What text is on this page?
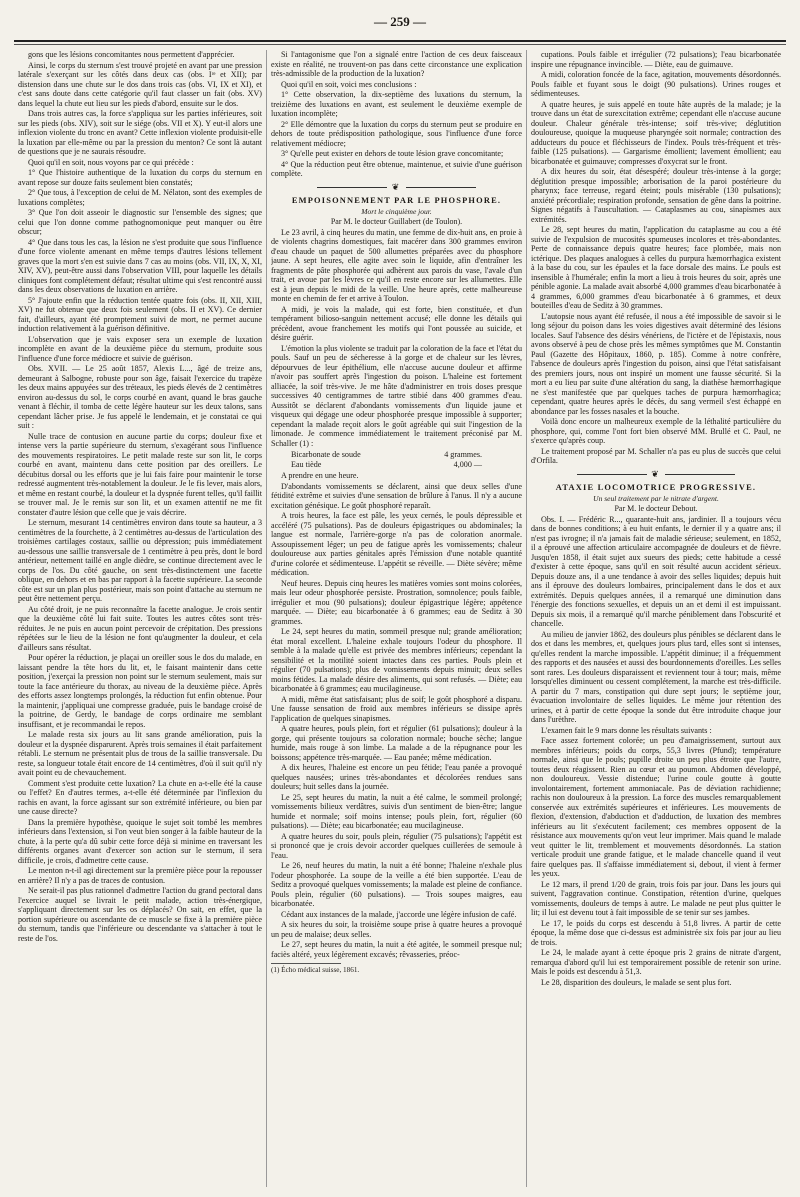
— 259 —

gons que les lésions concomitantes nous permettent d'apprécier.

Ainsi, le corps du sternum s'est trouvé projeté en avant par une pression latérale s'exerçant sur les côtés dans deux cas (obs. Iʳᵉ et XII); par distension dans une chute sur le dos dans trois cas (obs. VI, IX et XI), et c'est sans doute dans cette catégorie qu'il faut classer un fait (obs. XV) dans lequel la chute eut lieu sur les pieds d'abord, ensuite sur le dos.

Dans trois autres cas, la force s'appliqua sur les parties inférieures, soit sur les pieds (obs. XIV), soit sur le siége (obs. VII et X). Y eut-il alors une inflexion violente du tronc en avant? Cette inflexion violente produisit-elle la luxation par elle-même ou par la pression du menton? Ce sont là autant de questions que je ne saurais résoudre.

Quoi qu'il en soit, nous voyons par ce qui précède :

1° Que l'histoire authentique de la luxation du corps du sternum en avant repose sur douze faits seulement bien constatés;

2° Que tous, à l'exception de celui de M. Nélaton, sont des exemples de luxations complètes;

3° Que l'on doit asseoir le diagnostic sur l'ensemble des signes; que celui que l'on donne comme pathognomonique peut manquer ou être obscur;

4° Que dans tous les cas, la lésion ne s'est produite que sous l'influence d'une force violente amenant en même temps d'autres lésions tellement graves que la mort s'en est suivie dans 7 cas au moins (obs. VII, IX, X, XI, XIV, XV), peut-être aussi dans l'observation VIII, pour laquelle les détails cliniques font complétement défaut; résultat ultime qui s'est rencontré aussi dans les deux observations de luxation en arrière.

5° J'ajoute enfin que la réduction tentée quatre fois (obs. II, XII, XIII, XV) ne fut obtenue que deux fois seulement (obs. II et XV). Ce dernier fait, d'ailleurs, ayant été promptement suivi de mort, ne permet aucune induction relativement à la guérison définitive.

L'observation que je vais exposer sera un exemple de luxation incomplète en avant de la deuxième pièce du sternum, produite sous l'influence d'une force médiocre et suivie de guérison.

Obs. XVII. — Le 25 août 1857, Alexis L..., âgé de treize ans, demeurant à Salbogne, robuste pour son âge, faisait l'exercice du trapèze les deux mains appuyées sur des tréteaux, les pieds élevés de 2 centimètres environ au-dessus du sol, le corps courbé en avant, quand le bras gauche venant à fléchir, il tomba de cette légère hauteur sur les deux talons, sans cependant lâcher prise. Je fus appelé le lendemain, et je constatai ce qui suit :

Nulle trace de contusion en aucune partie du corps; douleur fixe et intense vers la partie supérieure du sternum, s'exagérant sous l'influence des mouvements respiratoires. Le petit malade reste sur son lit, le corps courbé en avant, maintenu dans cette position par des oreillers. Le décubitus dorsal ou les efforts que je lui fais faire pour maintenir le torse redressé augmentent très-notablement la douleur. Je le fis lever, mais alors, et même en restant courbé, la douleur et la dyspnée furent telles, qu'il faillit se trouver mal. Je le remis sur son lit, et un examen attentif ne me fit constater d'autre lésion que celle que je vais décrire.

Le sternum, mesurant 14 centimètres environ dans toute sa hauteur, a 3 centimètres de la fourchette, à 2 centimètres au-dessus de l'articulation des troisièmes cartilages costaux, saillie ou dépression; puis immédiatement au-dessous une saillie transversale de 1 centimètre à peu près, dont le bord antérieur, nettement taillé en angle dièdre, se continue directement avec le corps de l'os. Du côté gauche, on sent très-distinctement une facette oblique, en dehors et en bas par rapport à la facette supérieure. La seconde côte est sur un plan plus postérieur, mais son point d'attache au sternum ne peut être nettement perçu.

Au côté droit, je ne puis reconnaître la facette analogue. Je crois sentir que la deuxième côté lui fait suite. Toutes les autres côtes sont très-réduites. Je ne puis en aucun point percevoir de crépitation. Des pressions répétées sur le lieu de la lésion ne font qu'augmenter la douleur, et cela d'ailleurs sans résultat.

Pour opérer la réduction, je plaçai un oreiller sous le dos du malade, en laissant pendre la tête hors du lit, et, le faisant maintenir dans cette position, j'exerçai la pression non point sur le sternum seulement, mais sur toute la face antérieure du thorax, au niveau de la deuxième pièce. Après des efforts assez longtemps prolongés, la réduction fut enfin obtenue. Pour la maintenir, j'appliquai une compresse graduée, puis le bandage croisé de la poitrine, de Gerdy, le bandage de corps ordinaire me semblant insuffisant, et je recommandai le repos.

Le malade resta six jours au lit sans grande amélioration, puis la douleur et la dyspnée disparurent. Après trois semaines il était parfaitement rétabli. Le sternum ne présentait plus de trous de la saillie transversale. Du reste, sa longueur totale était encore de 14 centimètres, d'où il suit qu'il n'y avait point eu de chevauchement.

Comment s'est produite cette luxation? La chute en a-t-elle été la cause ou l'effet? En d'autres termes, a-t-elle été déterminée par l'inflexion du rachis en avant, la force agissant sur son extrémité inférieure, ou bien par une cause directe?

Dans la première hypothèse, quoique le sujet soit tombé les membres inférieurs dans l'extension, si l'on veut bien songer à la faible hauteur de la chute, à la perte qu'a dû subir cette force déjà si minime en traversant les différents organes avant d'exercer son action sur le sternum, il sera difficile, je crois, d'admettre cette cause.

Le menton n-t-il agi directement sur la première pièce pour la repousser en arrière? Il n'y a pas de traces de contusion.

Ne serait-il pas plus rationnel d'admettre l'action du grand pectoral dans l'exercice auquel se livrait le petit malade, action très-énergique, s'appliquant directement sur les os déplacés? On sait, en effet, que la portion supérieure ou ascendante de ce muscle se fixe à la première pièce du sternum, tandis que l'inférieure ou descendante va s'attacher à tout le reste de l'os.

Si l'antagonisme que l'on a signalé entre l'action de ces deux faisceaux existe en réalité, ne trouvent-on pas dans cette circonstance une explication très-admissible de la production de la luxation?

Quoi qu'il en soit, voici mes conclusions :

1° Cette observation, la dix-septième des luxations du sternum, la treizième des luxations en avant, est seulement le deuxième exemple de luxation incomplète;

2° Elle démontre que la luxation du corps du sternum peut se produire en dehors de toute prédisposition pathologique, sous l'influence d'une force relativement médiocre;

3° Qu'elle peut exister en dehors de toute lésion grave concomitante;

4° Que la réduction peut être obtenue, maintenue, et suivie d'une guérison complète.

❦

EMPOISONNEMENT PAR LE PHOSPHORE.

Mort le cinquième jour.

Par M. le docteur Guillabert (de Toulon).

Le 23 avril, à cinq heures du matin, une femme de dix-huit ans, en proie à de violents chagrins domestiques, fait macérer dans 300 grammes environ d'eau chaude un paquet de 500 allumettes préparées avec du phosphore jaune. A sept heures, elle agite avec soin le liquide, afin d'entraîner les fragments de pâte phosphorée qui adhèrent aux parois du vase, l'avale d'un trait, et avoue par les lèvres ce qu'il en reste encore sur les allumettes. Elle est à jeun depuis le midi de la veille. Une heure après, cette malheureuse monte en chemin de fer et arrive à Toulon.

A midi, je vois la malade, qui est forte, bien constituée, et d'un tempérament bilioso-sanguin nettement accusé; elle donne les détails qui précèdent, avoue franchement les motifs qui l'ont poussée au suicide, et désire guérir.

L'émotion la plus violente se traduit par la coloration de la face et l'état du pouls. Sauf un peu de sécheresse à la gorge et de chaleur sur les lèvres, dépourvues de leur épithélium, elle n'accuse aucune douleur et affirme n'avoir pas souffert après l'ingestion du poison. L'haleine est fortement alliacée, la soif très-vive. Je me hâte d'administrer en trois doses presque successives 40 centigrammes de tartre stibié dans 400 grammes d'eau. Aussitôt se déclarent d'abondants vomissements d'un liquide jaune et visqueux qui dégage une odeur phosphorée presque impossible à supporter; cependant la malade reçoit alors le goût agréable qui suit l'ingestion de la limonade. Je commence immédiatement le traitement préconisé par M. Schaller (1) :

Bicarbonate de soude	4 grammes.
Eau tiède	4,000 —

A prendre en une heure.

D'abondants vomissements se déclarent, ainsi que deux selles d'une fétidité extrême et suivies d'une sensation de brûlure à l'anus. Il n'y a aucune excitation génésique. Le goût phosphoré reparaît.

A trois heures, la face est pâle, les yeux cernés, le pouls dépressible et accéléré (75 pulsations). Pas de douleurs épigastriques ou abdominales; la langue est normale, l'arrière-gorge n'a pas de coloration anormale. Assoupissement léger; un peu de fatigue après les vomissements; chaleur douloureuse aux parties génitales après l'émission d'une notable quantité d'urine colorée et sédimenteuse. L'appétit se réveille. — Diète sévère; même médication.

Neuf heures. Depuis cinq heures les matières vomies sont moins colorées, mais leur odeur phosphorée persiste. Prostration, somnolence; pouls faible, irrégulier et mou (90 pulsations); douleur épigastrique légère; appétence marquée. — Diète; eau bicarbonatée à 6 grammes; eau de Seditz à 30 grammes.

Le 24, sept heures du matin, sommeil presque nul; grande amélioration; état moral excellent. L'haleine exhale toujours l'odeur du phosphore. Il semble à la malade qu'elle est privée des membres inférieurs; cependant la sensibilité et la motilité soient intactes dans ces parties. Pouls plein et régulier (70 pulsations); plus de vomissements depuis minuit; deux selles moins fétides. La malade désire des aliments, qui sont refusés. — Diète; eau bicarbonatée à 6 grammes; eau mucilagineuse.

A midi, même état satisfaisant; plus de soif; le goût phosphoré a disparu. Une fausse sensation de froid aux membres inférieurs se dissipe après l'application de quelques sinapismes.

A quatre heures, pouls plein, fort et régulier (61 pulsations); douleur à la gorge, qui présente toujours sa coloration normale; bouche sèche; langue humide, mais rouge à son limbe. La malade a de la répugnance pour les boissons; appétence très-marquée. — Eau panée; même médication.

A dix heures, l'haleine est encore un peu fétide; l'eau panée a provoqué quelques nausées; urines très-abondantes et décolorées rendues sans douleurs; huit selles dans la journée.

Le 25, sept heures du matin, la nuit a été calme, le sommeil prolongé; vomissements bilieux verdâtres, suivis d'un sentiment de bien-être; langue humide et normale; soif moins intense; pouls plein, fort, régulier (60 pulsations). — Diète; eau bicarbonatée; eau mucilagineuse.

A quatre heures du soir, pouls plein, régulier (75 pulsations); l'appétit est si prononcé que je crois devoir accorder quelques cuillerées de semoule à l'eau.

Le 26, neuf heures du matin, la nuit a été bonne; l'haleine n'exhale plus l'odeur phosphorée. La soupe de la veille a été bien supportée. L'eau de Seditz a provoqué quelques vomissements; la malade est pleine de confiance. Pouls plein, régulier (60 pulsations). — Trois soupes maigres, eau bicarbonatée.

Cédant aux instances de la malade, j'accorde une légère infusion de café.

A six heures du soir, la troisième soupe prise à quatre heures a provoqué un peu de malaise; deux selles.

Le 27, sept heures du matin, la nuit a été agitée, le sommeil presque nul; faciès altéré, yeux légèrement excavés; rêvasseries, préoc-

(1) Écho médical suisse, 1861.

cupations. Pouls faible et irrégulier (72 pulsations); l'eau bicarbonatée inspire une répugnance invincible. — Diète, eau de guimauve.

A midi, coloration foncée de la face, agitation, mouvements désordonnés. Pouls faible et fuyant sous le doigt (90 pulsations). Urines rouges et sédimenteuses.

A quatre heures, je suis appelé en toute hâte auprès de la malade; je la trouve dans un état de surexcitation extrême; cependant elle n'accuse aucune douleur. Chaleur générale très-intense; soif très-vive; déglutition douloureuse, quoique la muqueuse pharyngée soit normale; contraction des adducteurs du pouce et fléchisseurs de l'index. Pouls très-fréquent et très-faible (125 pulsations). — Gargarisme émollient; lavement émollient; eau bicarbonatée et guimauve; compresses d'oxycrat sur le front.

A dix heures du soir, état désespéré; douleur très-intense à la gorge; déglutition presque impossible; arborisation de la paroi postérieure du pharynx; face terreuse, regard éteint; pouls misérable (130 pulsations); anxiété précordiale; respiration profonde, sensation de gêne dans la poitrine. Signes négatifs à l'auscultation. — Cataplasmes au cou, sinapismes aux extrémités.

Le 28, sept heures du matin, l'application du cataplasme au cou a été suivie de l'expulsion de mucosités spumeuses incolores et très-abondantes. Perte de connaissance depuis quatre heures; face plombée, mais non ictérique. Des plaques analogues à celles du purpura hæmorrhagica existent à la base du cou, sur les épaules et la face dorsale des mains. Le pouls est insensible à l'humérale; enfin la mort a lieu à trois heures du soir, après une pénible agonie. La malade avait absorbé 4,000 grammes d'eau bicarbonatée à 4 grammes, 6,000 grammes d'eau bicarbonatée à 6 grammes, et deux bouteilles d'eau de Seditz à 30 grammes.

L'autopsie nous ayant été refusée, il nous a été impossible de savoir si le long séjour du poison dans les voies digestives avait déterminé des lésions locales. Sauf l'absence des désirs vénériens, de l'ictère et de l'épistaxis, nous avons observé à peu de chose près les mêmes symptômes que M. Constantin Paul (Gazette des Hôpitaux, 1860, p. 185). Comme à notre confrère, l'absence de douleurs après l'ingestion du poison, ainsi que l'état satisfaisant des premiers jours, nous ont inspiré un moment une fausse sécurité. Si la mort a eu lieu par suite d'une altération du sang, la diathèse hæmorrhagique ne s'est manifestée que par quelques taches de purpura hæmorrhagica; cependant, quatre heures après le décès, du sang vermeil s'est échappé en abondance par les fosses nasales et la bouche.

Voilà donc encore un malheureux exemple de la léthalité particulière du phosphore, qui, comme l'ont fort bien observé MM. Brullé et C. Paul, ne s'exerce qu'après coup.

Le traitement proposé par M. Schaller n'a pas eu plus de succès que celui d'Orfila.

❦

ATAXIE LOCOMOTRICE PROGRESSIVE.

Un seul traitement par le nitrate d'argent.

Par M. le docteur Debout.

Obs. I. — Frédéric R..., quarante-huit ans, jardinier. Il a toujours vécu dans de bonnes conditions; à eu huit enfants, le dernier il y a quatre ans; il n'est pas ivrogne; il n'a jamais fait de maladie sérieuse; seulement, en 1852, il a éprouvé une affection articulaire accompagnée de douleurs et de fièvre. Jusqu'en 1858, il était sujet aux sueurs des pieds; cette habitude a cessé d'exister à cette époque, sans qu'il en soit résulté aucun accident sérieux. Depuis douze ans, il a une tendance à avoir des selles liquides; depuis huit ans il éprouve des douleurs lombaires, principalement dans le dos et aux extrémités. Depuis quelques années, il a remarqué une diminution dans l'énergie des fonctions sexuelles, et depuis un an et demi il est impuissant. Depuis six mois, il a remarqué qu'il marche péniblement dans l'obscurité et chancelle.

Au milieu de janvier 1862, des douleurs plus pénibles se déclarent dans le dos et dans les membres, et, quelques jours plus tard, elles sont si intenses, qu'elles rendent la marche impossible. L'appétit diminue; il a fréquemment des rapports et des nausées et aussi des bourdonnements d'oreilles. Les selles sont rares. Les douleurs disparaissent et reviennent tour à tour; mais, même lorsqu'elles diminuent ou cessent complétement, la marche est très-difficile. A partir du 7 mars, constipation qui dure sept jours; le septième jour, évacuation involontaire de selles liquides. Le même jour rétention des urines, et à partir de cette époque la sonde dut être introduite chaque jour dans l'urèthre.

L'examen fait le 9 mars donne les résultats suivants :

Face assez fortement colorée; un peu d'amaigrissement, surtout aux membres inférieurs; poids du corps, 55,3 livres (Pfund); température normale, ainsi que le pouls; pupille droite un peu plus étroite que l'autre, toutes deux réagissent. Rien au cœur et au poumon. Abdomen développé, non douloureux. Vessie distendue; l'urine coule goutte à goutte involontairement, fortement ammoniacale. Pas de déviation rachidienne; rachis non douloureux à la pression. La force des muscles remarquablement conservée aux extrémités supérieures et inférieures. Les mouvements de flexion, d'extension, d'abduction et d'adduction, de luxation des membres inférieurs au lit s'exécutent facilement; ces membres opposent de la résistance aux mouvements qu'on veut leur imprimer. Mais quand le malade veut quitter le lit, tremblement et mouvements désordonnés. La station verticale produit une grande fatigue, et le malade chancelle quand il veut faire quelques pas. Il s'affaisse immédiatement si, debout, il vient à fermer les yeux.

Le 12 mars, il prend 1/20 de grain, trois fois par jour. Dans les jours qui suivent, l'aggravation continue. Constipation, rétention d'urine, quelques vomissements, douleurs de temps à autre. Le malade ne peut plus quitter le lit; il lui est devenu tout à fait impossible de se tenir sur ses jambes.

Le 17, le poids du corps est descendu à 51,8 livres. A partir de cette époque, la même dose que ci-dessus est administrée six fois par jour au lieu de trois.

Le 24, le malade ayant à cette époque pris 2 grains de nitrate d'argent, remarqua d'abord qu'il lui est temporairement possible de retenir son urine. Mais le poids est descendu à 51,3.

Le 28, disparition des douleurs, le malade se sent plus fort.
